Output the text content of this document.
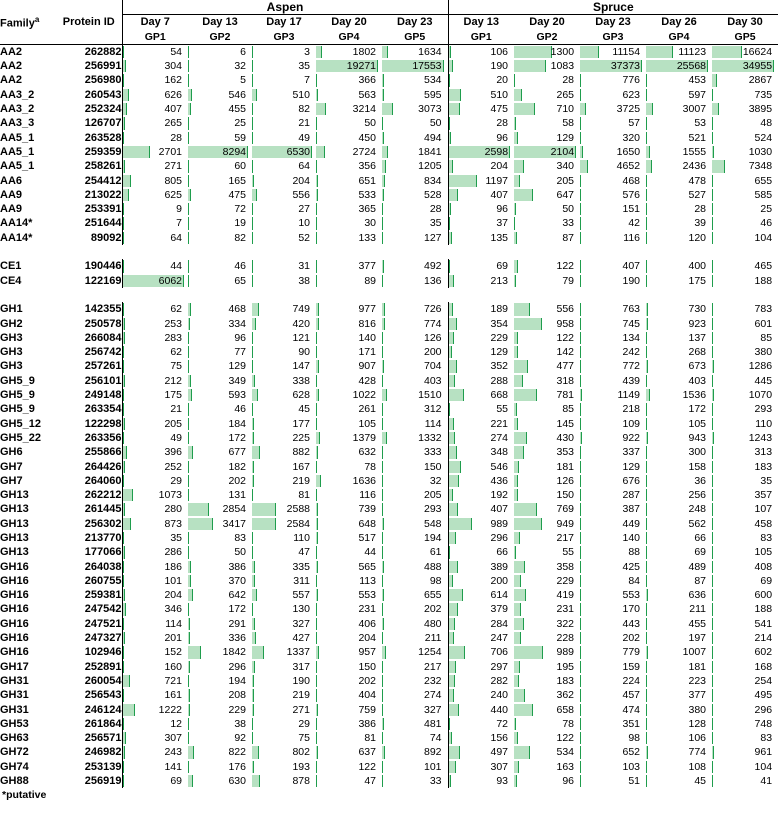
Family$^a$	Protein ID	Aspen					Spruce				
		Day 7	Day 13	Day 17	Day 20	Day 23	Day 13	Day 20	Day 23	Day 26	Day 30
		GP1	GP2	GP3	GP4	GP5	GP1	GP2	GP3	GP4	GP5
AA2	262882	54	6	3	1802	1634	106	1300	11154	11123	16624

AA2	256991	304	32	35	19271	17553	190	1083	37373	25568	34955

AA2	256980	162	5	7	366	534	20	28	776	453	2867

AA3_2	260543	626	546	510	563	595	510	265	623	597	735

AA3_2	252324	407	455	82	3214	3073	475	710	3725	3007	3895

AA3_3	126707	265	25	21	50	50	28	58	57	53	48

AA5_1	263528	28	59	49	450	494	96	129	320	521	524

AA5_1	259359	2701	8294	6530	2724	1841	2598	2104	1650	1555	1030

AA5_1	258261	271	60	64	356	1205	204	340	4652	2436	7348

AA6	254412	805	165	204	651	834	1197	205	468	478	655

AA9	213022	625	475	556	533	528	407	647	576	527	585

AA9	253391	9	72	27	365	28	96	50	151	28	25

AA14*	251644	7	19	10	30	35	37	33	42	39	46

AA14*	89092	64	82	52	133	127	135	87	116	120	104

CE1	190446	44	46	31	377	492	69	122	407	400	465

CE4	122169	6062	65	38	89	136	213	79	190	175	188

GH1	142355	62	468	749	977	726	189	556	763	730	783

GH2	250578	253	334	420	816	774	354	958	745	923	601

GH3	266084	283	96	121	140	126	229	122	134	137	85

GH3	256742	62	77	90	171	200	129	142	242	268	380

GH3	257261	75	129	147	907	704	352	477	772	673	1286

GH5_9	256101	212	349	338	428	403	288	318	439	403	445

GH5_9	249148	175	593	628	1022	1510	668	781	1149	1536	1070

GH5_9	263354	21	46	45	261	312	55	85	218	172	293

GH5_12	122298	205	184	177	105	114	221	145	109	105	110

GH5_22	263356	49	172	225	1379	1332	274	430	922	943	1243

GH6	255866	396	677	882	632	333	348	353	337	300	313

GH7	264426	252	182	167	78	150	546	181	129	158	183

GH7	264060	29	202	219	1636	32	436	126	676	36	35

GH13	262212	1073	131	81	116	205	192	150	287	256	357

GH13	261445	280	2854	2588	739	293	407	769	387	248	107

GH13	256302	873	3417	2584	648	548	989	949	449	562	458

GH13	213770	35	83	110	517	194	296	217	140	66	83

GH13	177066	286	50	47	44	61	66	55	88	69	105

GH16	264038	186	386	335	565	488	389	358	425	489	408

GH16	260755	101	370	311	113	98	200	229	84	87	69

GH16	259381	204	642	557	553	655	614	419	553	636	600

GH16	247542	346	172	130	231	202	379	231	170	211	188

GH16	247521	114	291	327	406	480	284	322	443	455	541

GH16	247327	201	336	427	204	211	247	228	202	197	214

GH16	102946	152	1842	1337	957	1254	706	989	779	1007	602

GH17	252891	160	296	317	150	217	297	195	159	181	168

GH31	260054	721	194	190	202	232	282	183	224	223	254

GH31	256543	161	208	219	404	274	240	362	457	377	495

GH31	246124	1222	229	271	759	327	440	658	474	380	296

GH53	261864	12	38	29	386	481	72	78	351	128	748

GH63	256571	307	92	75	81	74	156	122	98	106	83

GH72	246982	243	822	802	637	892	497	534	652	774	961

GH74	253139	141	176	193	122	101	307	163	103	108	104

GH88	256919	69	630	878	47	33	93	96	51	45	41
*putative
